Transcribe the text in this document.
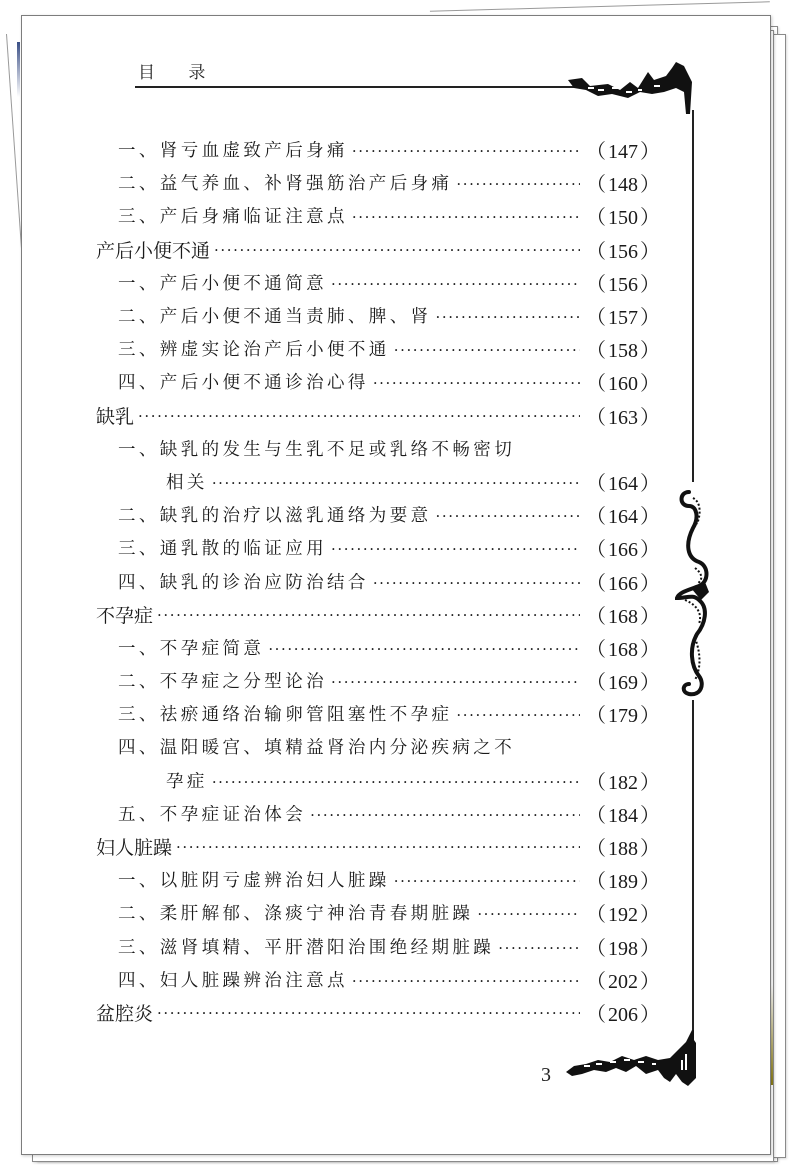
目 录
一、肾亏血虚致产后身痛 ·····	（ 147 ）
二、益气养血、补肾强筋治产后身痛 ·····	（ 148 ）
三、产后身痛临证注意点 ·····	（ 150 ）
产后小便不通 ·····	（ 156 ）
一、产后小便不通简意 ·····	（ 156 ）
二、产后小便不通当责肺、脾、肾 ·····	（ 157 ）
三、辨虚实论治产后小便不通 ·····	（ 158 ）
四、产后小便不通诊治心得 ·····	（ 160 ）
缺乳 ·····	（ 163 ）
一、缺乳的发生与生乳不足或乳络不畅密切
相关 ·····	（ 164 ）
二、缺乳的治疗以滋乳通络为要意 ·····	（ 164 ）
三、通乳散的临证应用 ·····	（ 166 ）
四、缺乳的诊治应防治结合 ·····	（ 166 ）
不孕症 ·····	（ 168 ）
一、不孕症简意 ·····	（ 168 ）
二、不孕症之分型论治 ·····	（ 169 ）
三、祛瘀通络治输卵管阻塞性不孕症 ·····	（ 179 ）
四、温阳暖宫、填精益肾治内分泌疾病之不
孕症 ·····	（ 182 ）
五、不孕症证治体会 ·····	（ 184 ）
妇人脏躁 ·····	（ 188 ）
一、以脏阴亏虚辨治妇人脏躁 ·····	（ 189 ）
二、柔肝解郁、涤痰宁神治青春期脏躁 ·····	（ 192 ）
三、滋肾填精、平肝潜阳治围绝经期脏躁 ·····	（ 198 ）
四、妇人脏躁辨治注意点 ·····	（ 202 ）
盆腔炎 ·····	（ 206 ）
3
